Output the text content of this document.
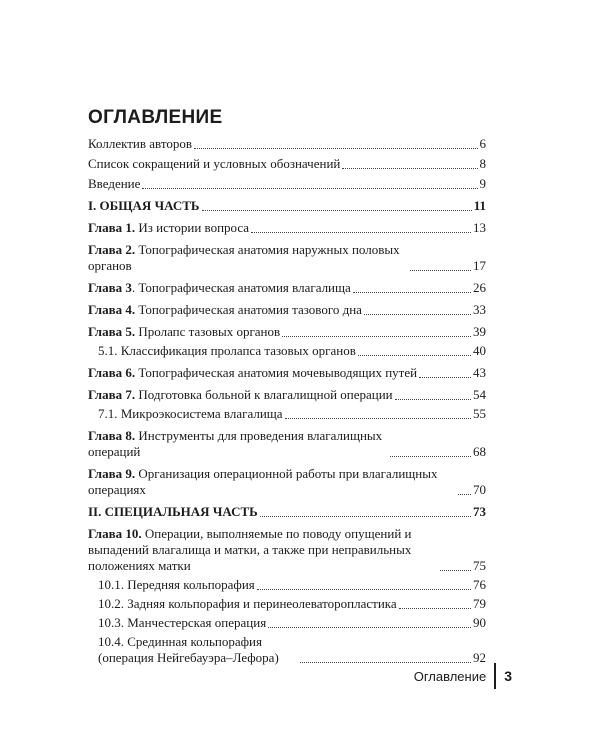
ОГЛАВЛЕНИЕ
Коллектив авторов	6
Список сокращений и условных обозначений	8
Введение	9
I. ОБЩАЯ ЧАСТЬ	11
Глава 1. Из истории вопроса	13
Глава 2. Топографическая анатомия наружных половых органов	17
Глава 3. Топографическая анатомия влагалища	26
Глава 4. Топографическая анатомия тазового дна	33
Глава 5. Пролапс тазовых органов	39
5.1. Классификация пролапса тазовых органов	40
Глава 6. Топографическая анатомия мочевыводящих путей	43
Глава 7. Подготовка больной к влагалищной операции	54
7.1. Микроэкосистема влагалища	55
Глава 8. Инструменты для проведения влагалищных операций	68
Глава 9. Организация операционной работы при влагалищных операциях	70
II. СПЕЦИАЛЬНАЯ ЧАСТЬ	73
Глава 10. Операции, выполняемые по поводу опущений и выпадений влагалища и матки, а также при неправильных положениях матки	75
10.1. Передняя кольпорафия	76
10.2. Задняя кольпорафия и перинеолеваторопластика	79
10.3. Манчестерская операция	90
10.4. Срединная кольпорафия (операция Нейгебауэра–Лефора)	92
Оглавление 3
